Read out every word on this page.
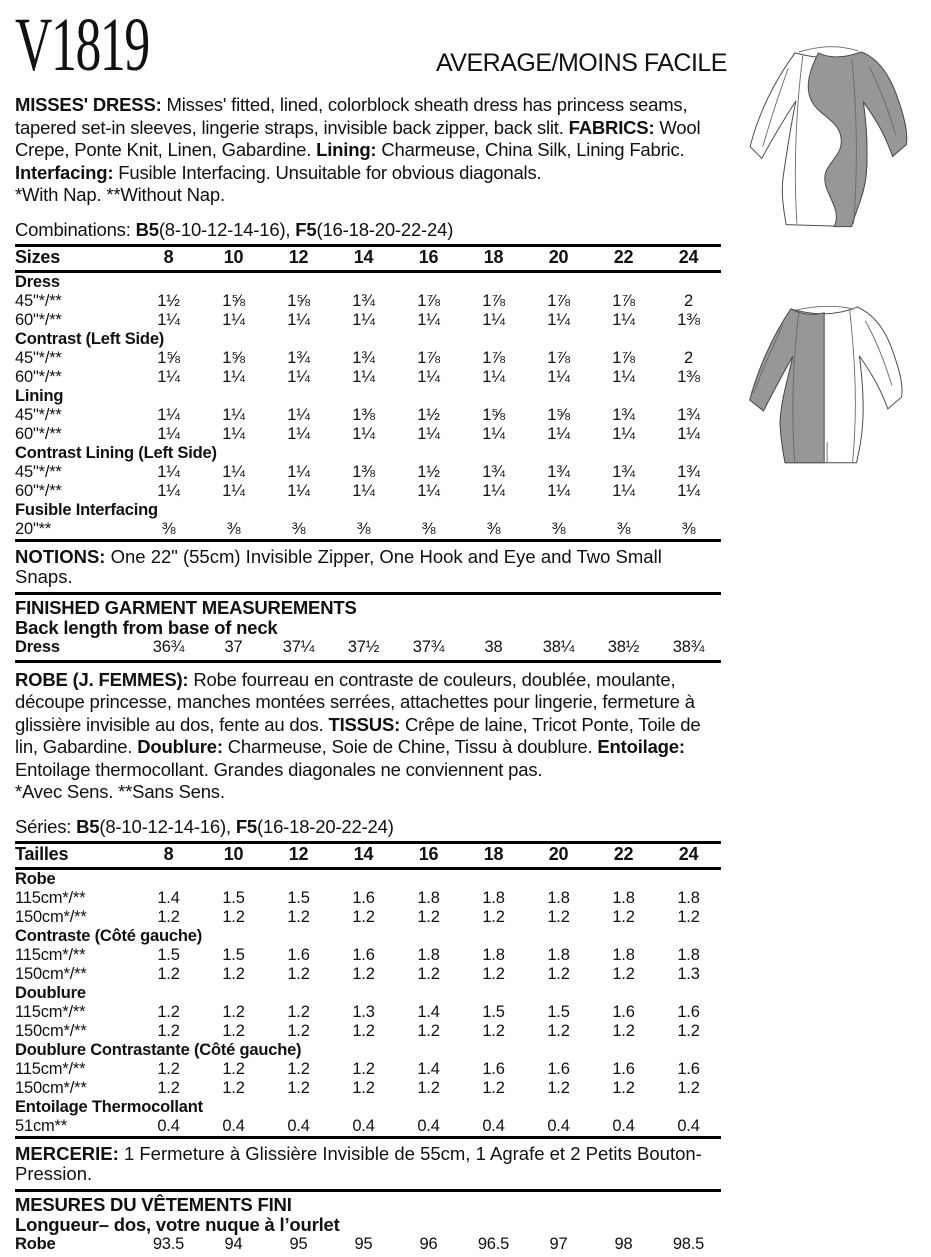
V1819	AVERAGE/MOINS FACILE
MISSES' DRESS: Misses' fitted, lined, colorblock sheath dress has princess seams, tapered set-in sleeves, lingerie straps, invisible back zipper, back slit. FABRICS: Wool Crepe, Ponte Knit, Linen, Gabardine. Lining: Charmeuse, China Silk, Lining Fabric. Interfacing: Fusible Interfacing. Unsuitable for obvious diagonals.
*With Nap. **Without Nap.
Combinations: B5(8-10-12-14-16), F5(16-18-20-22-24)
Sizes	8	10	12	14	16	18	20	22	24
Dress									
45"*/**	1½	1⅝	1⅝	1¾	1⅞	1⅞	1⅞	1⅞	2
60"*/**	1¼	1¼	1¼	1¼	1¼	1¼	1¼	1¼	1⅜
Contrast (Left Side)									
45"*/**	1⅝	1⅝	1¾	1¾	1⅞	1⅞	1⅞	1⅞	2
60"*/**	1¼	1¼	1¼	1¼	1¼	1¼	1¼	1¼	1⅜
Lining									
45"*/**	1¼	1¼	1¼	1⅜	1½	1⅝	1⅝	1¾	1¾
60"*/**	1¼	1¼	1¼	1¼	1¼	1¼	1¼	1¼	1¼
Contrast Lining (Left Side)									
45"*/**	1¼	1¼	1¼	1⅜	1½	1¾	1¾	1¾	1¾
60"*/**	1¼	1¼	1¼	1¼	1¼	1¼	1¼	1¼	1¼
Fusible Interfacing									
20"**	⅜	⅜	⅜	⅜	⅜	⅜	⅜	⅜	⅜
NOTIONS: One 22" (55cm) Invisible Zipper, One Hook and Eye and Two Small Snaps.
FINISHED GARMENT MEASUREMENTS
Back length from base of neck
Dress	36¾	37	37¼	37½	37¾	38	38¼	38½	38¾
ROBE (J. FEMMES): Robe fourreau en contraste de couleurs, doublée, moulante, découpe princesse, manches montées serrées, attachettes pour lingerie, fermeture à glissière invisible au dos, fente au dos. TISSUS: Crêpe de laine, Tricot Ponte, Toile de lin, Gabardine. Doublure: Charmeuse, Soie de Chine, Tissu à doublure. Entoilage: Entoilage thermocollant. Grandes diagonales ne conviennent pas.
*Avec Sens. **Sans Sens.
Séries: B5(8-10-12-14-16), F5(16-18-20-22-24)
Tailles	8	10	12	14	16	18	20	22	24
Robe									
115cm*/**	1.4	1.5	1.5	1.6	1.8	1.8	1.8	1.8	1.8
150cm*/**	1.2	1.2	1.2	1.2	1.2	1.2	1.2	1.2	1.2
Contraste (Côté gauche)									
115cm*/**	1.5	1.5	1.6	1.6	1.8	1.8	1.8	1.8	1.8
150cm*/**	1.2	1.2	1.2	1.2	1.2	1.2	1.2	1.2	1.3
Doublure									
115cm*/**	1.2	1.2	1.2	1.3	1.4	1.5	1.5	1.6	1.6
150cm*/**	1.2	1.2	1.2	1.2	1.2	1.2	1.2	1.2	1.2
Doublure Contrastante (Côté gauche)									
115cm*/**	1.2	1.2	1.2	1.2	1.4	1.6	1.6	1.6	1.6
150cm*/**	1.2	1.2	1.2	1.2	1.2	1.2	1.2	1.2	1.2
Entoilage Thermocollant									
51cm**	0.4	0.4	0.4	0.4	0.4	0.4	0.4	0.4	0.4
MERCERIE: 1 Fermeture à Glissière Invisible de 55cm, 1 Agrafe et 2 Petits Bouton-Pression.
MESURES DU VÊTEMENTS FINI
Longueur– dos, votre nuque à l’ourlet
Robe	93.5	94	95	95	96	96.5	97	98	98.5
